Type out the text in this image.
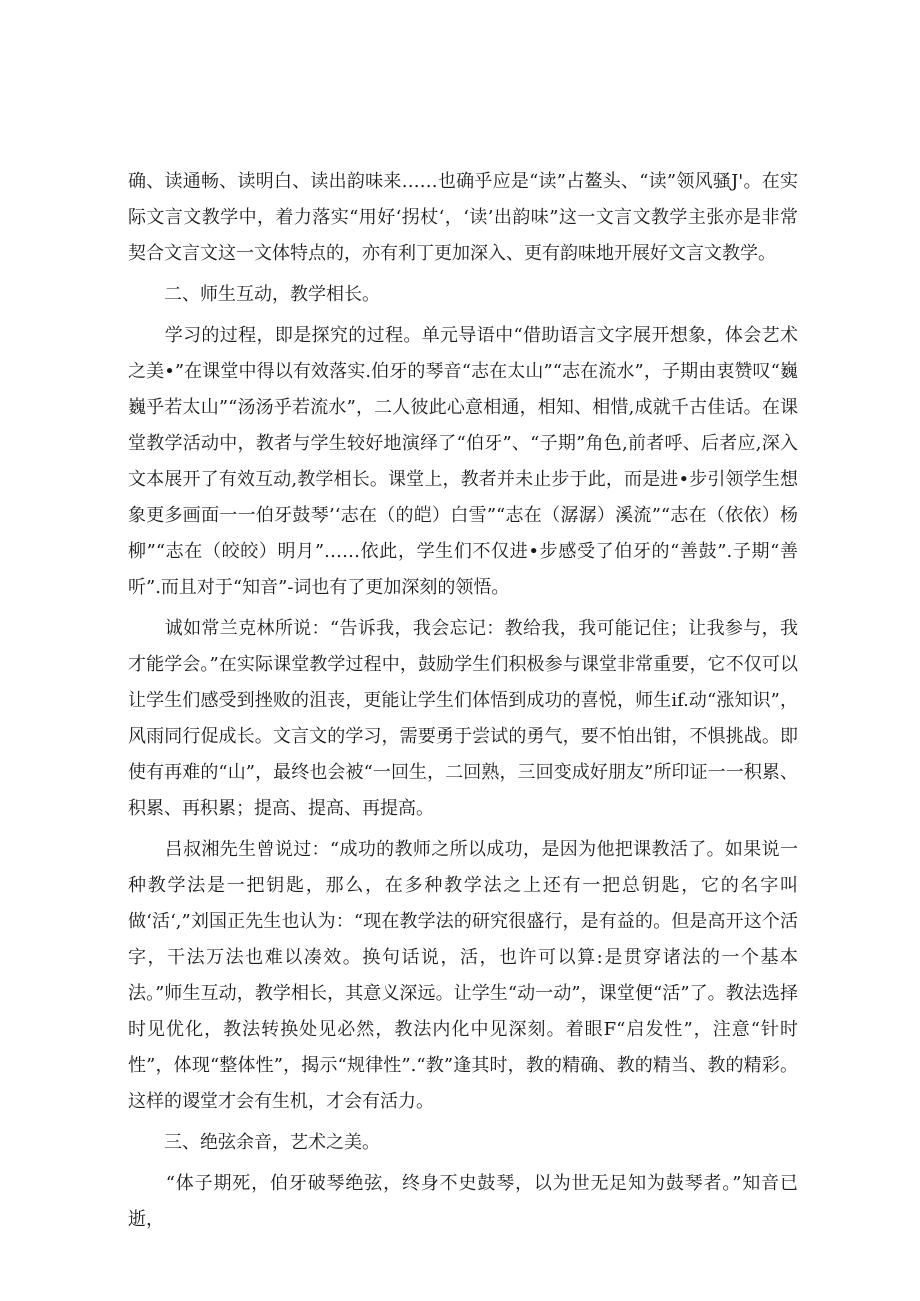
确、读通畅、读明白、读出韵味来……也确乎应是“读”占鳌头、“读”领风骚J'。在实际文言文教学中，着力落实“用好‘拐杖‘，‘读’出韵味”这一文言文教学主张亦是非常契合文言文这一文体特点的，亦有利丁更加深入、更有韵味地开展好文言文教学。

二、师生互动，教学相长。

　　学习的过程，即是探究的过程。单元导语中“借助语言文字展开想象，体会艺术之美•”在课堂中得以有效落实.伯牙的琴音“志在太山”“志在流水”，子期由衷赞叹“巍巍乎若太山”“汤汤乎若流水”，二人彼此心意相通，相知、相惜,成就千古佳话。在课堂教学活动中，教者与学生较好地演绎了“伯牙”、“子期”角色,前者呼、后者应,深入文本展开了有效互动,教学相长。课堂上，教者并未止步于此，而是进•步引领学生想象更多画面一一伯牙鼓琴’‘志在（的皑）白雪”“志在（潺潺）溪流”“志在（依依）杨柳”“志在（皎皎）明月”……依此，学生们不仅进•步感受了伯牙的“善鼓”.子期“善听”.而且对于“知音”-词也有了更加深刻的领悟。

　　诚如常兰克林所说：“告诉我，我会忘记：教给我，我可能记住；让我参与，我才能学会。”在实际课堂教学过程中，鼓励学生们积极参与课堂非常重要，它不仅可以让学生们感受到挫败的沮丧，更能让学生们体悟到成功的喜悦，师生if.动“涨知识”，风雨同行促成长。文言文的学习，需要勇于尝试的勇气，要不怕出钳，不惧挑战。即使有再难的“山”，最终也会被“一回生，二回熟，三回变成好朋友”所印证一一积累、积累、再积累；提高、提高、再提高。

　　吕叔湘先生曾说过：“成功的教师之所以成功，是因为他把课教活了。如果说一种教学法是一把钥匙，那么，在多种教学法之上还有一把总钥匙，它的名字叫做‘活‘,”刘国正先生也认为：“现在教学法的研究很盛行，是有益的。但是高开这个活字，干法万法也难以凑效。换句话说，活，也许可以算:是贯穿诸法的一个基本法。”师生互动，教学相长，其意义深远。让学生“动一动”，课堂便“活”了。教法选择时见优化，教法转换处见必然，教法内化中见深刻。着眼F“启发性”，注意“针时性”，体现“整体性”，揭示“规律性”.“教”逢其时，教的精确、教的精当、教的精彩。这样的谡堂才会有生机，才会有活力。

三、绝弦余音，艺术之美。

　　“体子期死，伯牙破琴绝弦，终身不史鼓琴，以为世无足知为鼓琴者。”知音已逝，
